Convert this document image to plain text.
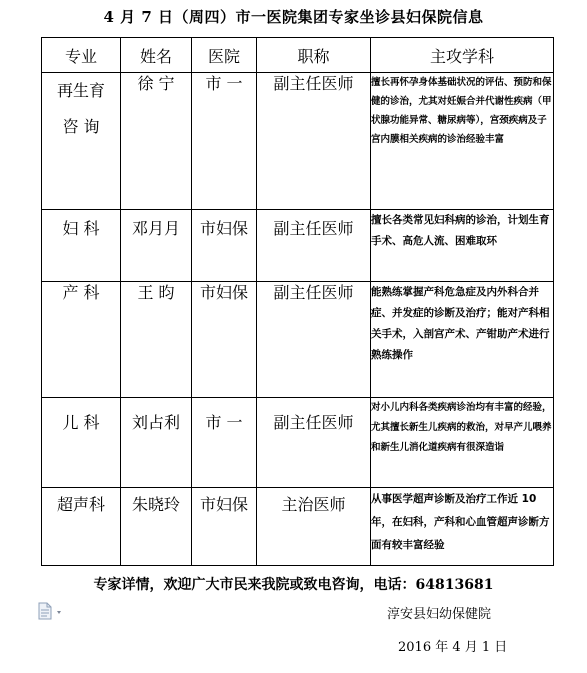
4 月 7 日（周四）市一医院集团专家坐诊县妇保院信息
专业	姓名	医院	职称	主攻学科
再生育咨 询	徐 宁	市 一	副主任医师	擅长再怀孕身体基础状况的评估、预防和保健的诊治，尤其对妊娠合并代谢性疾病（甲状腺功能异常、糖尿病等），宫颈疾病及子宫内膜相关疾病的诊治经验丰富
妇 科	邓月月	市妇保	副主任医师	擅长各类常见妇科病的诊治，计划生育手术、高危人流、困难取环
产 科	王 昀	市妇保	副主任医师	能熟练掌握产科危急症及内外科合并症、并发症的诊断及治疗；能对产科相关手术，入剖宫产术、产钳助产术进行熟练操作
儿 科	刘占利	市 一	副主任医师	对小儿内科各类疾病诊治均有丰富的经验，尤其擅长新生儿疾病的救治，对早产儿喂养和新生儿消化道疾病有很深造诣
超声科	朱晓玲	市妇保	主治医师	从事医学超声诊断及治疗工作近 10 年，在妇科，产科和心血管超声诊断方面有较丰富经验
专家详情，欢迎广大市民来我院或致电咨询，电话：64813681
淳安县妇幼保健院
2016 年 4 月 1 日
